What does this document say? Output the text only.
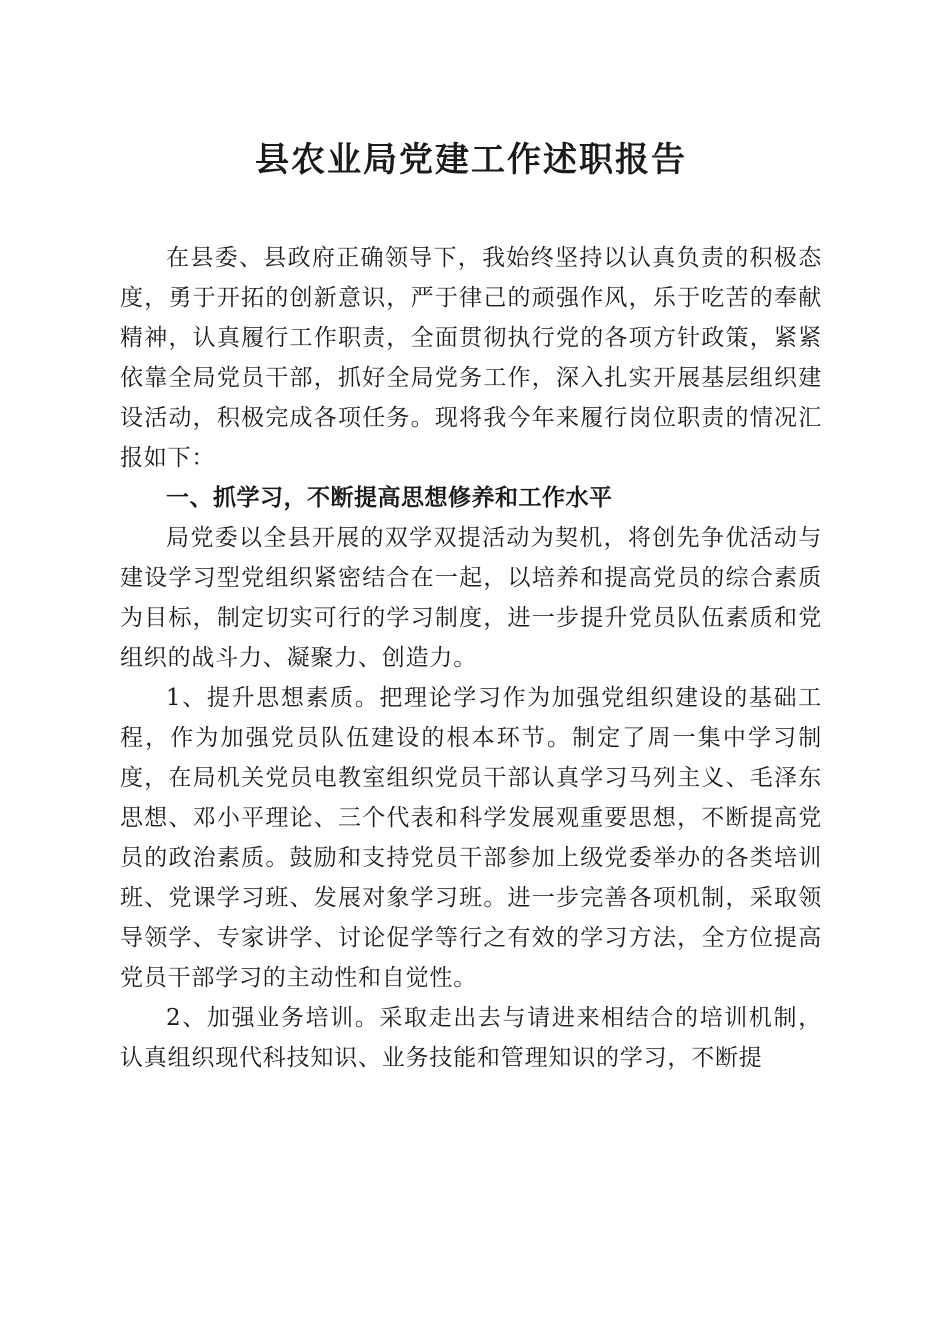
县农业局党建工作述职报告

在县委、县政府正确领导下，我始终坚持以认真负责的积极态度，勇于开拓的创新意识，严于律己的顽强作风，乐于吃苦的奉献精神，认真履行工作职责，全面贯彻执行党的各项方针政策，紧紧依靠全局党员干部，抓好全局党务工作，深入扎实开展基层组织建设活动，积极完成各项任务。现将我今年来履行岗位职责的情况汇报如下：

一、抓学习，不断提高思想修养和工作水平

局党委以全县开展的双学双提活动为契机，将创先争优活动与建设学习型党组织紧密结合在一起，以培养和提高党员的综合素质为目标，制定切实可行的学习制度，进一步提升党员队伍素质和党组织的战斗力、凝聚力、创造力。

1、提升思想素质。把理论学习作为加强党组织建设的基础工程，作为加强党员队伍建设的根本环节。制定了周一集中学习制度，在局机关党员电教室组织党员干部认真学习马列主义、毛泽东思想、邓小平理论、三个代表和科学发展观重要思想，不断提高党员的政治素质。鼓励和支持党员干部参加上级党委举办的各类培训班、党课学习班、发展对象学习班。进一步完善各项机制，采取领导领学、专家讲学、讨论促学等行之有效的学习方法，全方位提高党员干部学习的主动性和自觉性。

2、加强业务培训。采取走出去与请进来相结合的培训机制，认真组织现代科技知识、业务技能和管理知识的学习，不断提
